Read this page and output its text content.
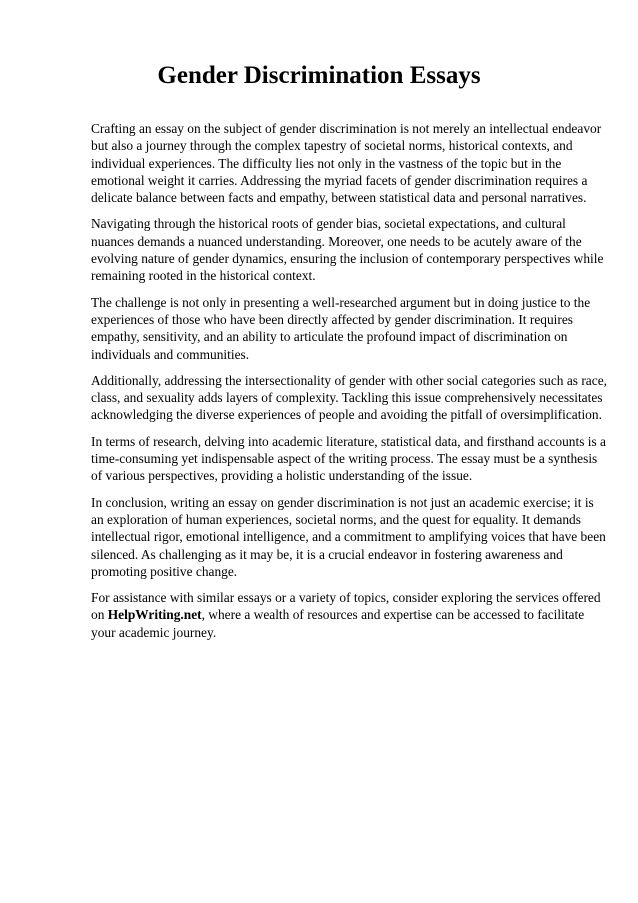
Gender Discrimination Essays

Crafting an essay on the subject of gender discrimination is not merely an intellectual endeavor but also a journey through the complex tapestry of societal norms, historical contexts, and individual experiences. The difficulty lies not only in the vastness of the topic but in the emotional weight it carries. Addressing the myriad facets of gender discrimination requires a delicate balance between facts and empathy, between statistical data and personal narratives.

Navigating through the historical roots of gender bias, societal expectations, and cultural nuances demands a nuanced understanding. Moreover, one needs to be acutely aware of the evolving nature of gender dynamics, ensuring the inclusion of contemporary perspectives while remaining rooted in the historical context.

The challenge is not only in presenting a well-researched argument but in doing justice to the experiences of those who have been directly affected by gender discrimination. It requires empathy, sensitivity, and an ability to articulate the profound impact of discrimination on individuals and communities.

Additionally, addressing the intersectionality of gender with other social categories such as race, class, and sexuality adds layers of complexity. Tackling this issue comprehensively necessitates acknowledging the diverse experiences of people and avoiding the pitfall of oversimplification.

In terms of research, delving into academic literature, statistical data, and firsthand accounts is a time-consuming yet indispensable aspect of the writing process. The essay must be a synthesis of various perspectives, providing a holistic understanding of the issue.

In conclusion, writing an essay on gender discrimination is not just an academic exercise; it is an exploration of human experiences, societal norms, and the quest for equality. It demands intellectual rigor, emotional intelligence, and a commitment to amplifying voices that have been silenced. As challenging as it may be, it is a crucial endeavor in fostering awareness and promoting positive change.

For assistance with similar essays or a variety of topics, consider exploring the services offered on HelpWriting.net, where a wealth of resources and expertise can be accessed to facilitate your academic journey.
